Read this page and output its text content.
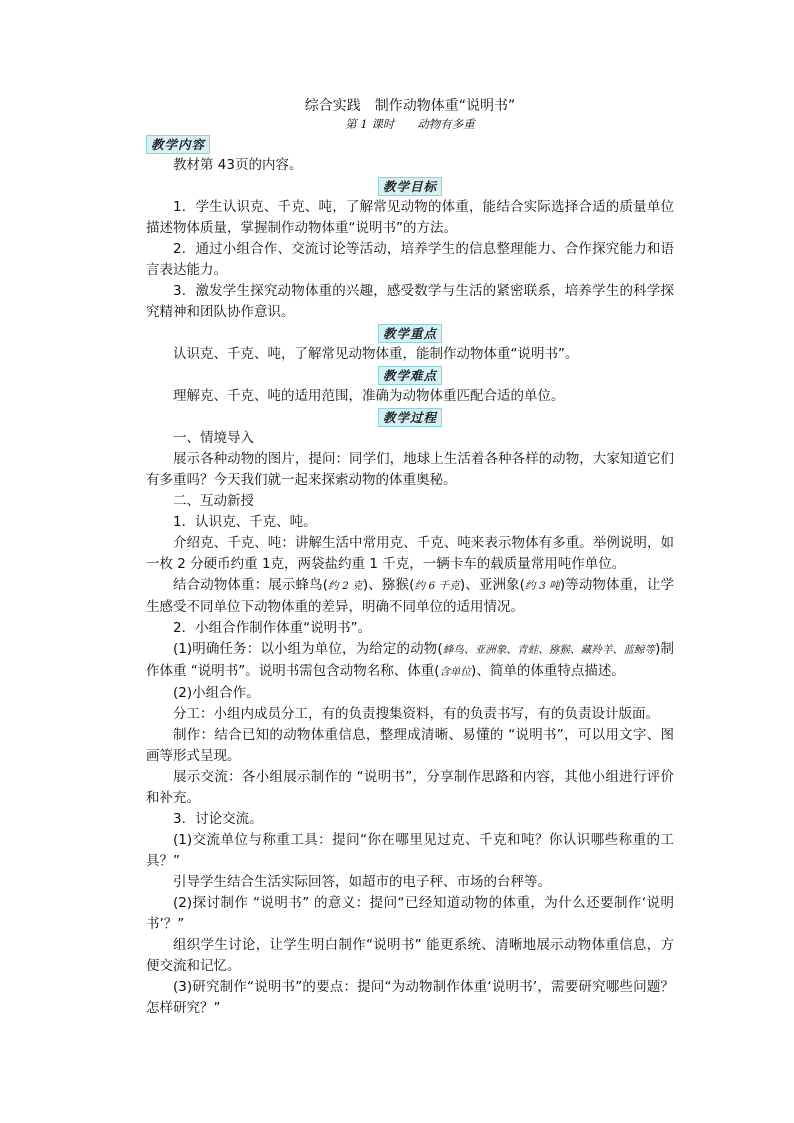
综合实践　制作动物体重“说明书”

第 1 课时　　动物有多重

教学内容

教材第 43页的内容。

教学目标

1．学生认识克、千克、吨，了解常见动物的体重，能结合实际选择合适的质量单位描述物体质量，掌握制作动物体重“说明书”的方法。

2．通过小组合作、交流讨论等活动，培养学生的信息整理能力、合作探究能力和语言表达能力。

3．激发学生探究动物体重的兴趣，感受数学与生活的紧密联系，培养学生的科学探究精神和团队协作意识。

教学重点

认识克、千克、吨，了解常见动物体重，能制作动物体重“说明书”。

教学难点

理解克、千克、吨的适用范围，准确为动物体重匹配合适的单位。

教学过程

一、情境导入

展示各种动物的图片，提问：同学们，地球上生活着各种各样的动物，大家知道它们有多重吗？今天我们就一起来探索动物的体重奥秘。

二、互动新授

1．认识克、千克、吨。

介绍克、千克、吨：讲解生活中常用克、千克、吨来表示物体有多重。举例说明，如一枚 2 分硬币约重 1克，两袋盐约重 1 千克，一辆卡车的载质量常用吨作单位。

结合动物体重：展示蜂鸟(约 2 克)、猕猴(约 6 千克)、亚洲象(约 3 吨)等动物体重，让学生感受不同单位下动物体重的差异，明确不同单位的适用情况。

2．小组合作制作体重“说明书”。

(1)明确任务：以小组为单位，为给定的动物(蜂鸟、亚洲象、青蛙、猕猴、藏羚羊、蓝鲸等)制作体重 “说明书”。说明书需包含动物名称、体重(含单位)、简单的体重特点描述。

(2)小组合作。

分工：小组内成员分工，有的负责搜集资料，有的负责书写，有的负责设计版面。

制作：结合已知的动物体重信息，整理成清晰、易懂的 “说明书”，可以用文字、图画等形式呈现。

展示交流：各小组展示制作的 “说明书”，分享制作思路和内容，其他小组进行评价和补充。

3．讨论交流。

(1)交流单位与称重工具：提问“你在哪里见过克、千克和吨？你认识哪些称重的工具？”

引导学生结合生活实际回答，如超市的电子秤、市场的台秤等。

(2)探讨制作 “说明书” 的意义：提问“已经知道动物的体重，为什么还要制作‘说明书’？”

组织学生讨论，让学生明白制作“说明书” 能更系统、清晰地展示动物体重信息，方便交流和记忆。

(3)研究制作“说明书”的要点：提问“为动物制作体重‘说明书’，需要研究哪些问题？怎样研究？”
